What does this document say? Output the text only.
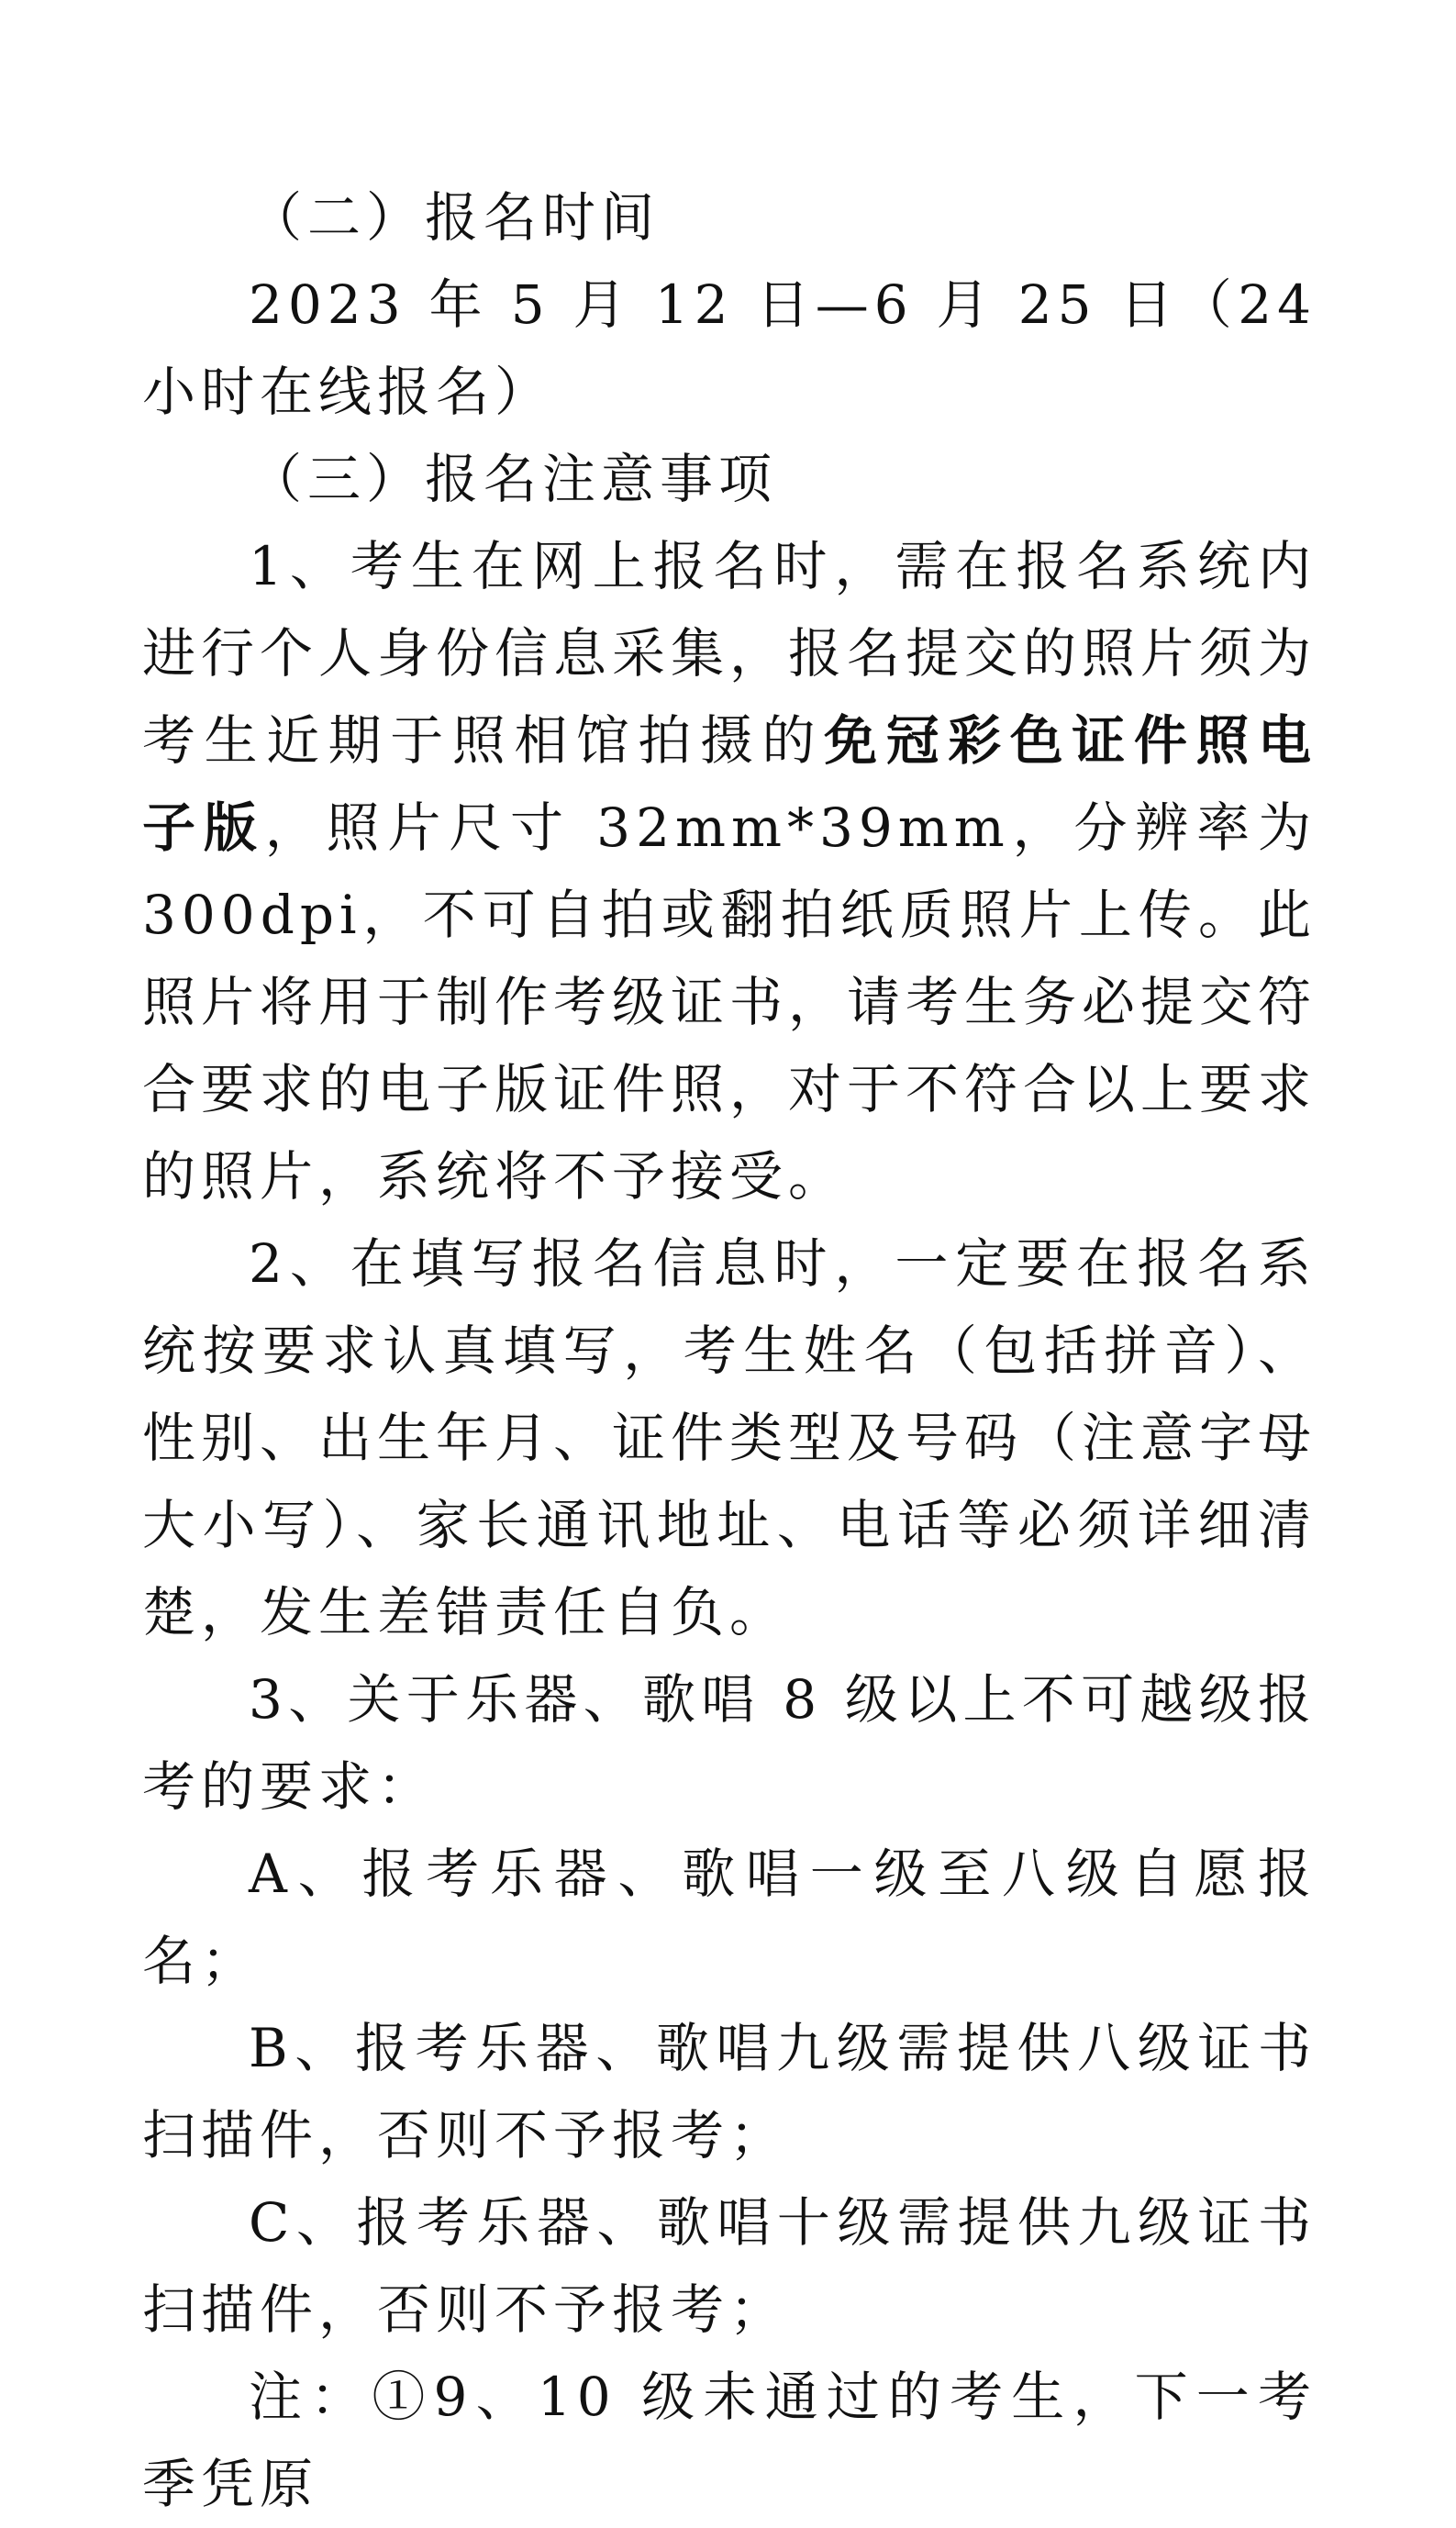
（二）报名时间

2023 年 5 月 12 日—6 月 25 日（24 小时在线报名）

（三）报名注意事项

1、考生在网上报名时，需在报名系统内进行个人身份信息采集，报名提交的照片须为考生近期于照相馆拍摄的免冠彩色证件照电子版，照片尺寸 32mm*39mm，分辨率为 300dpi，不可自拍或翻拍纸质照片上传。此照片将用于制作考级证书，请考生务必提交符合要求的电子版证件照，对于不符合以上要求的照片，系统将不予接受。

2、在填写报名信息时，一定要在报名系统按要求认真填写，考生姓名（包括拼音）、性别、出生年月、证件类型及号码（注意字母大小写）、家长通讯地址、电话等必须详细清楚，发生差错责任自负。

3、关于乐器、歌唱 8 级以上不可越级报考的要求：

A、报考乐器、歌唱一级至八级自愿报名；

B、报考乐器、歌唱九级需提供八级证书扫描件，否则不予报考；

C、报考乐器、歌唱十级需提供九级证书扫描件，否则不予报考；

注：①9、10 级未通过的考生，下一考季凭原
